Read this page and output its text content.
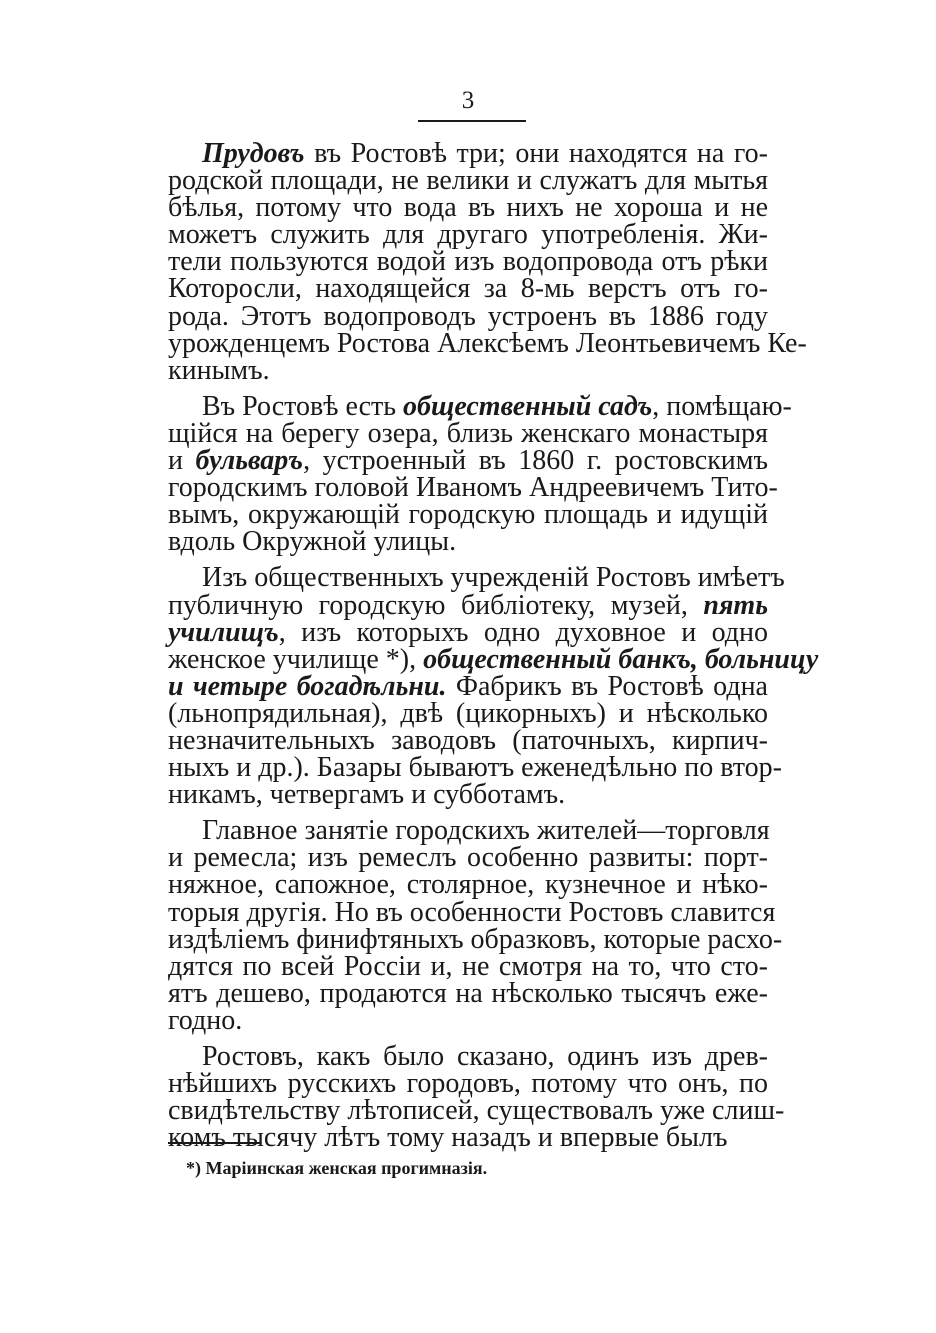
3
Прудовъ въ Ростовѣ три; они находятся на го-
родской площади, не велики и служатъ для мытья
бѣлья, потому что вода въ нихъ не хороша и не
можетъ служить для другаго употребленія. Жи-
тели пользуются водой изъ водопровода отъ рѣки
Которосли, находящейся за 8-мь верстъ отъ го-
рода. Этотъ водопроводъ устроенъ въ 1886 году
урожденцемъ Ростова Алексѣемъ Леонтьевичемъ Ке-
кинымъ.
Въ Ростовѣ есть общественный садъ, помѣщаю-
щійся на берегу озера, близь женскаго монастыря
и бульваръ, устроенный въ 1860 г. ростовскимъ
городскимъ головой Иваномъ Андреевичемъ Тито-
вымъ, окружающій городскую площадь и идущій
вдоль Окружной улицы.
Изъ общественныхъ учрежденій Ростовъ имѣетъ
публичную городскую библіотеку, музей, пять
училищъ, изъ которыхъ одно духовное и одно
женское училище *), общественный банкъ, больницу
и четыре богадѣльни. Фабрикъ въ Ростовѣ одна
(льнопрядильная), двѣ (цикорныхъ) и нѣсколько
незначительныхъ заводовъ (паточныхъ, кирпич-
ныхъ и др.). Базары бываютъ еженедѣльно по втор-
никамъ, четвергамъ и субботамъ.
Главное занятіе городскихъ жителей—торговля
и ремесла; изъ ремеслъ особенно развиты: порт-
няжное, сапожное, столярное, кузнечное и нѣко-
торыя другія. Но въ особенности Ростовъ славится
издѣліемъ финифтяныхъ образковъ, которые расхо-
дятся по всей Россіи и, не смотря на то, что сто-
ятъ дешево, продаются на нѣсколько тысячъ еже-
годно.
Ростовъ, какъ было сказано, одинъ изъ древ-
нѣйшихъ русскихъ городовъ, потому что онъ, по
свидѣтельству лѣтописей, существовалъ уже слиш-
комъ тысячу лѣтъ тому назадъ и впервые былъ
*) Маріинская женская прогимназія.
